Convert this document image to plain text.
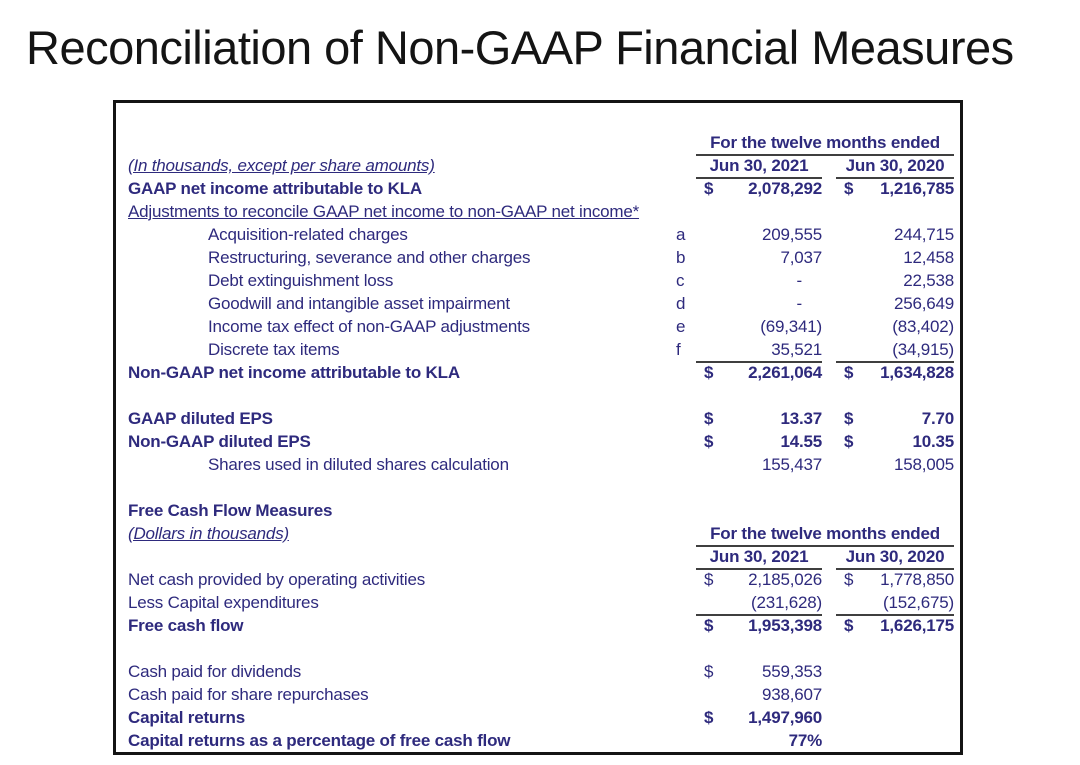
Reconciliation of Non-GAAP Financial Measures
For the twelve months ended
(In thousands, except per share amounts)	Jun 30, 2021	Jun 30, 2020
GAAP net income attributable to KLA	$ 2,078,292	$ 1,216,785
Adjustments to reconcile GAAP net income to non-GAAP net income*
Acquisition-related charges	a	209,555	244,715
Restructuring, severance and other charges	b	7,037	12,458
Debt extinguishment loss	c	-	22,538
Goodwill and intangible asset impairment	d	-	256,649
Income tax effect of non-GAAP adjustments	e	(69,341)	(83,402)
Discrete tax items	f	35,521	(34,915)
Non-GAAP net income attributable to KLA	$ 2,261,064	$ 1,634,828
GAAP diluted EPS	$	13.37	$	7.70
Non-GAAP diluted EPS	$	14.55	$	10.35
Shares used in diluted shares calculation	155,437	158,005
Free Cash Flow Measures
(Dollars in thousands)	For the twelve months ended
Jun 30, 2021	Jun 30, 2020
Net cash provided by operating activities	$ 2,185,026	$ 1,778,850
Less Capital expenditures	(231,628)	(152,675)
Free cash flow	$ 1,953,398	$ 1,626,175
Cash paid for dividends	$	559,353
Cash paid for share repurchases	938,607
Capital returns	$ 1,497,960
Capital returns as a percentage of free cash flow	77%
